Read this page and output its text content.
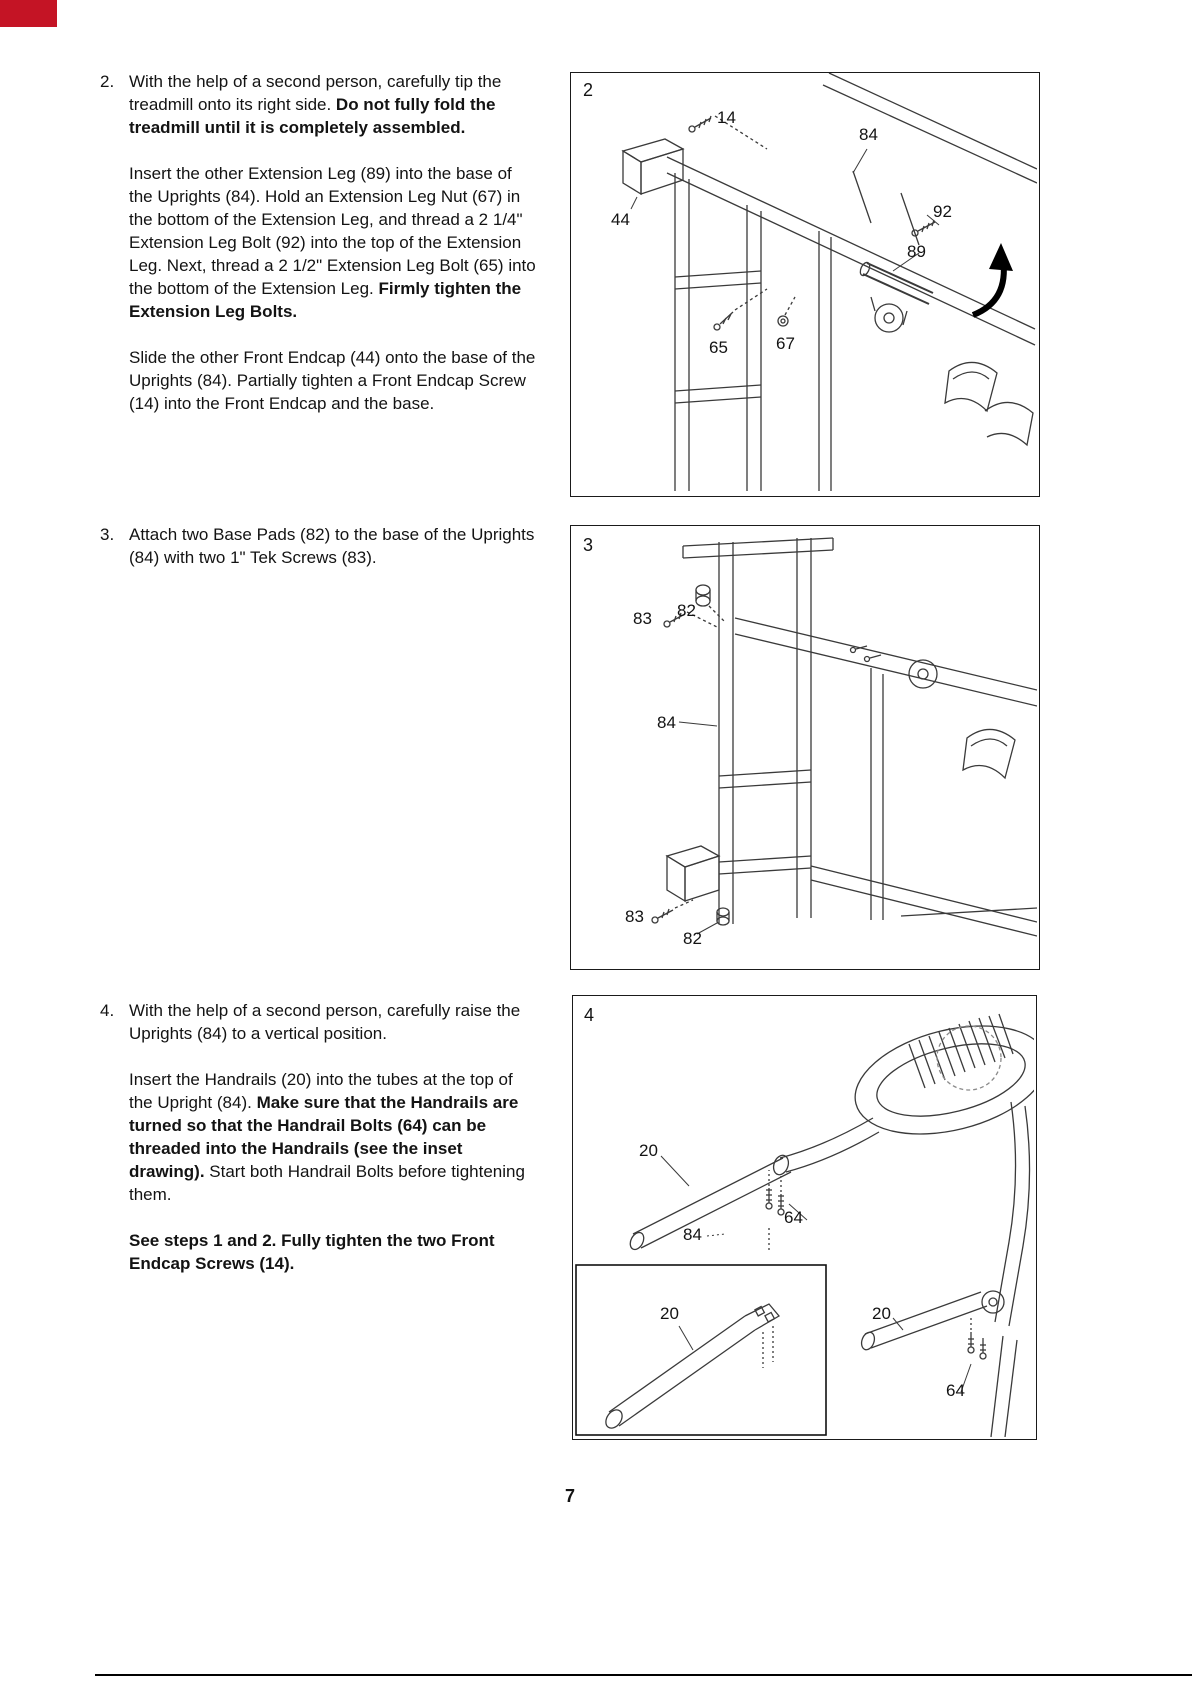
2. With the help of a second person, carefully tip the treadmill onto its right side. Do not fully fold the treadmill until it is completely assembled.

Insert the other Extension Leg (89) into the base of the Uprights (84). Hold an Extension Leg Nut (67) in the bottom of the Extension Leg, and thread a 2 1/4" Extension Leg Bolt (92) into the top of the Extension Leg. Next, thread a 2 1/2" Extension Leg Bolt (65) into the bottom of the Extension Leg. Firmly tighten the Extension Leg Bolts.

Slide the other Front Endcap (44) onto the base of the Uprights (84). Partially tighten a Front Endcap Screw (14) into the Front Endcap and the base.

3. Attach two Base Pads (82) to the base of the Uprights (84) with two 1" Tek Screws (83).

4. With the help of a second person, carefully raise the Uprights (84) to a vertical position.

Insert the Handrails (20) into the tubes at the top of the Upright (84). Make sure that the Handrails are turned so that the Handrail Bolts (64) can be threaded into the Handrails (see the inset drawing). Start both Handrail Bolts before tightening them.

See steps 1 and 2. Fully tighten the two Front Endcap Screws (14).

2
14
84
92
89
44
65	67
3
83 82
84
83
82
4
20
64
84
20	20
64
7
